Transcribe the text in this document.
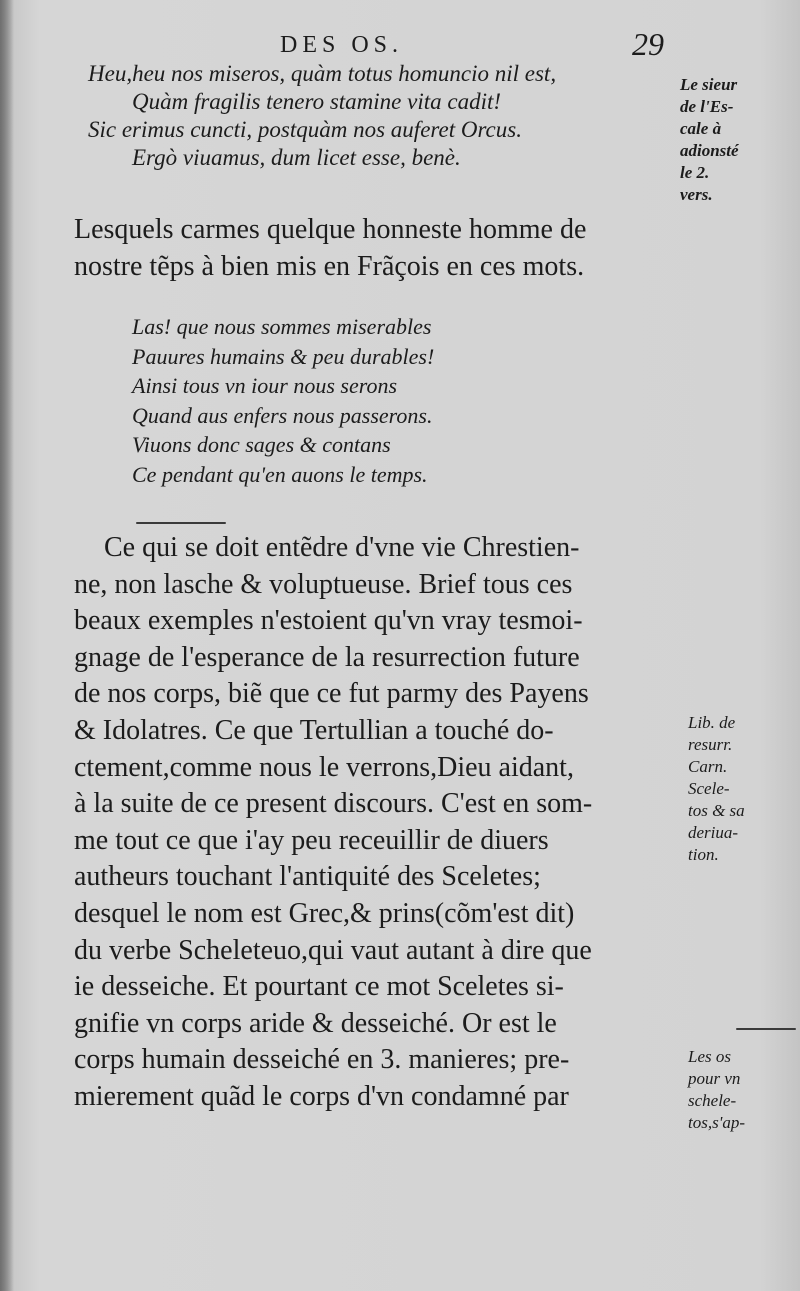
DES OS.	29
Heu,heu nos miseros, quàm totus homuncio nil est,
Quàm fragilis tenero stamine vita cadit!
Sic erimus cuncti, postquàm nos auferet Orcus.
Ergò viuamus, dum licet esse, benè.
Le sieur
de l'Es-
cale à
adionsté
le 2.
vers.
Lesquels carmes quelque honneste homme de
nostre tẽps à bien mis en Frãçois en ces mots.
Las! que nous sommes miserables
Pauures humains & peu durables!
Ainsi tous vn iour nous serons
Quand aus enfers nous passerons.
Viuons donc sages & contans
Ce pendant qu'en auons le temps.
Ce qui se doit entẽdre d'vne vie Chrestien-
ne, non lasche & voluptueuse. Brief tous ces
beaux exemples n'estoient qu'vn vray tesmoi-
gnage de l'esperance de la resurrection future
de nos corps, biẽ que ce fut parmy des Payens
& Idolatres. Ce que Tertullian a touché do-
ctement,comme nous le verrons,Dieu aidant,
à la suite de ce present discours. C'est en som-
me tout ce que i'ay peu receuillir de diuers
autheurs touchant l'antiquité des Sceletes;
desquel le nom est Grec,& prins(cõm'est dit)
du verbe Scheleteuo,qui vaut autant à dire que
ie desseiche. Et pourtant ce mot Sceletes si-
gnifie vn corps aride & desseiché. Or est le
corps humain desseiché en 3. manieres; pre-
mierement quãd le corps d'vn condamné par
Lib. de
resurr.
Carn.
Scele-
tos & sa
deriua-
tion.
Les os
pour vn
schele-
tos,s'ap-
